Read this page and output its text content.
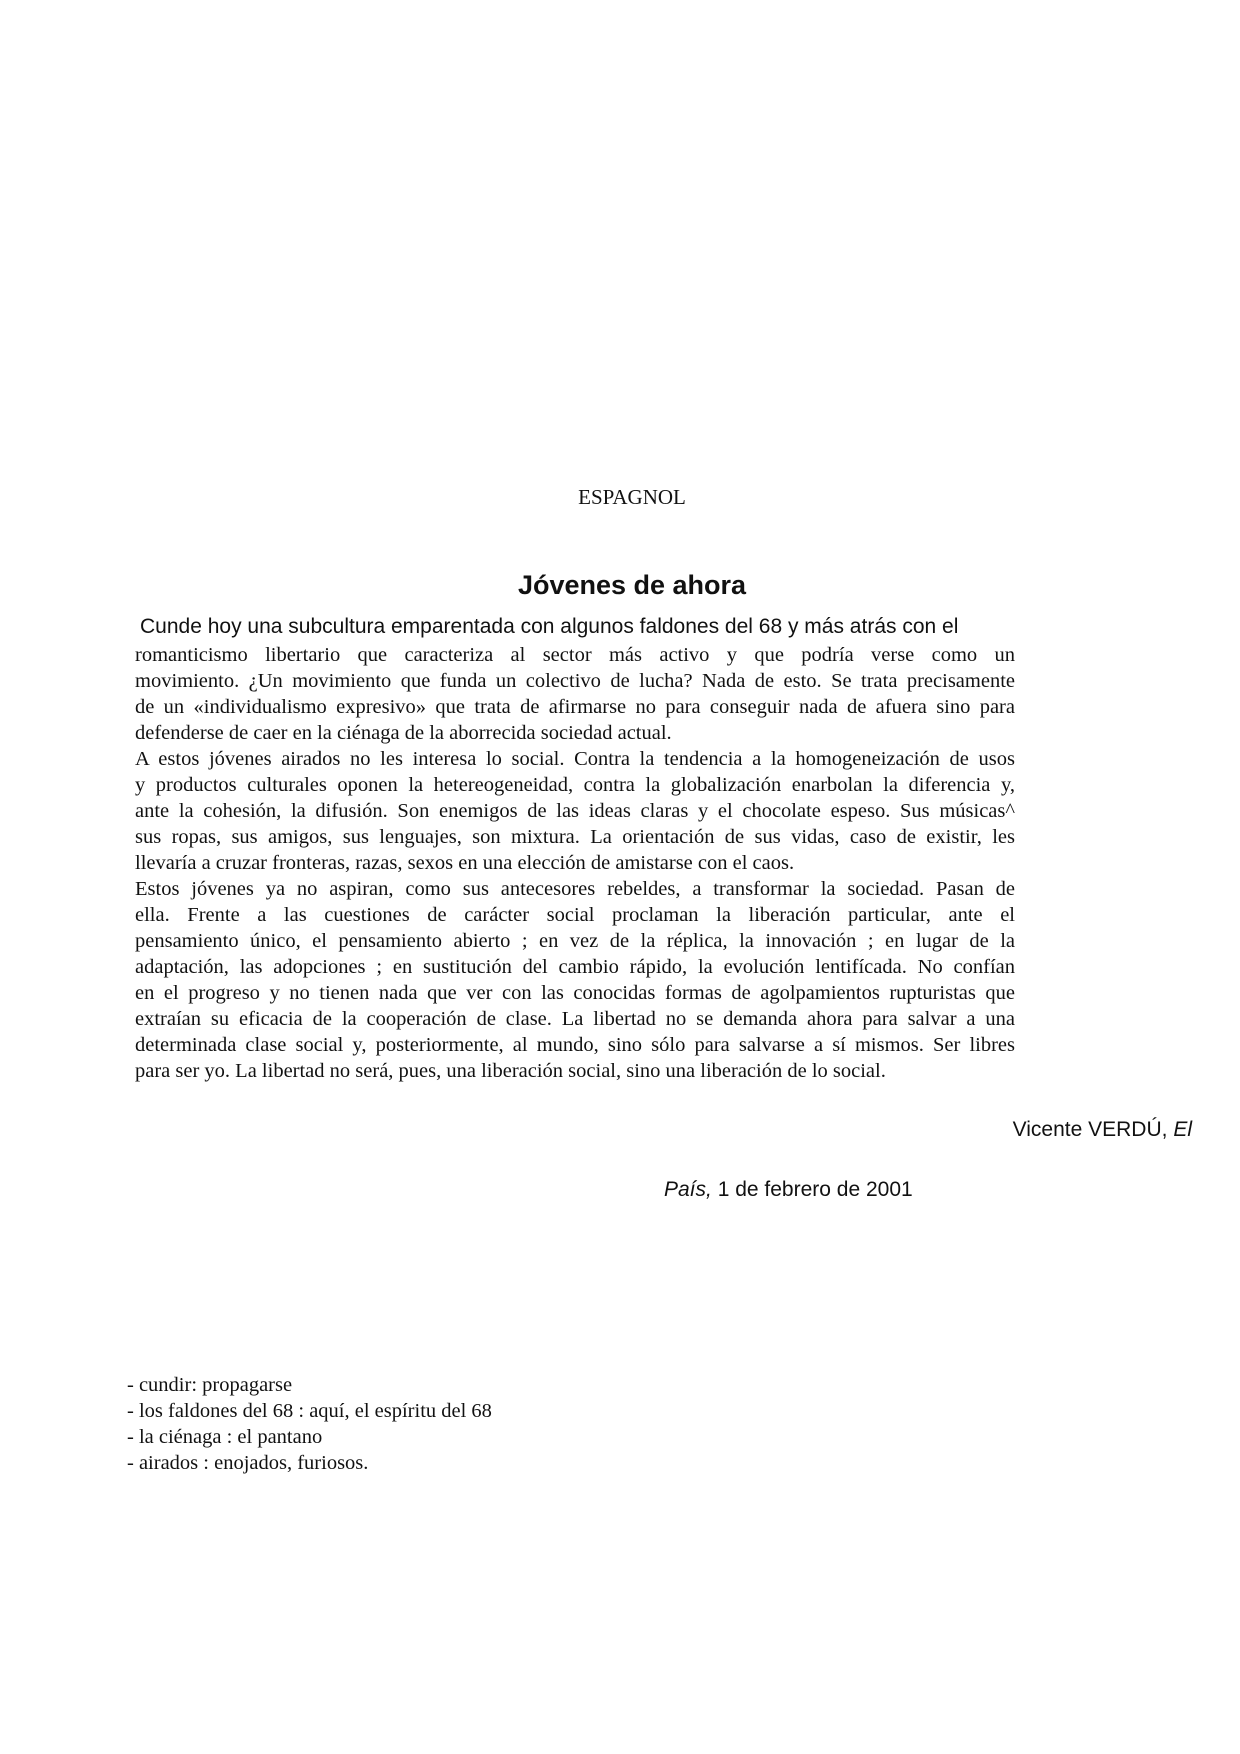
ESPAGNOL
Jóvenes de ahora
Cunde hoy una subcultura emparentada con algunos faldones del 68 y más atrás con el
romanticismo libertario que caracteriza al sector más activo y que podría verse como un
movimiento. ¿Un movimiento que funda un colectivo de lucha? Nada de esto. Se trata precisamente
de un «individualismo expresivo» que trata de afirmarse no para conseguir nada de afuera sino para
defenderse de caer en la ciénaga de la aborrecida sociedad actual.
A estos jóvenes airados no les interesa lo social. Contra la tendencia a la homogeneización de usos
y productos culturales oponen la hetereogeneidad, contra la globalización enarbolan la diferencia y,
ante la cohesión, la difusión. Son enemigos de las ideas claras y el chocolate espeso. Sus músicas^
sus ropas, sus amigos, sus lenguajes, son mixtura. La orientación de sus vidas, caso de existir, les
llevaría a cruzar fronteras, razas, sexos en una elección de amistarse con el caos.
Estos jóvenes ya no aspiran, como sus antecesores rebeldes, a transformar la sociedad. Pasan de
ella. Frente a las cuestiones de carácter social proclaman la liberación particular, ante el
pensamiento único, el pensamiento abierto ; en vez de la réplica, la innovación ; en lugar de la
adaptación, las adopciones ; en sustitución del cambio rápido, la evolución lentifícada. No confían
en el progreso y no tienen nada que ver con las conocidas formas de agolpamientos rupturistas que
extraían su eficacia de la cooperación de clase. La libertad no se demanda ahora para salvar a una
determinada clase social y, posteriormente, al mundo, sino sólo para salvarse a sí mismos. Ser libres
para ser yo. La libertad no será, pues, una liberación social, sino una liberación de lo social.
Vicente VERDÚ, El
País, 1 de febrero de 2001
- cundir: propagarse
- los faldones del 68 : aquí, el espíritu del 68
- la ciénaga : el pantano
- airados : enojados, furiosos.
